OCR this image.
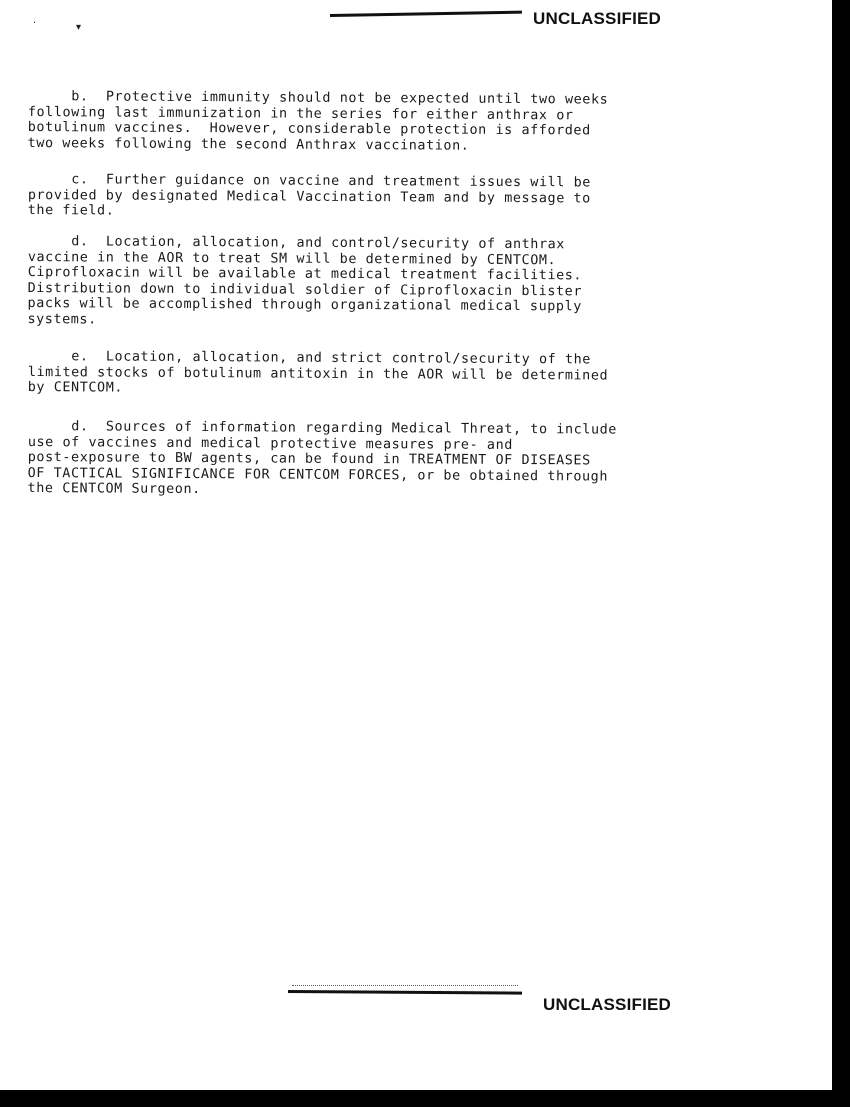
·	▾	UNCLASSIFIED
b.  Protective immunity should not be expected until two weeks
following last immunization in the series for either anthrax or
botulinum vaccines.  However, considerable protection is afforded
two weeks following the second Anthrax vaccination.
c.  Further guidance on vaccine and treatment issues will be
provided by designated Medical Vaccination Team and by message to
the field.
d.  Location, allocation, and control/security of anthrax
vaccine in the AOR to treat SM will be determined by CENTCOM.
Ciprofloxacin will be available at medical treatment facilities.
Distribution down to individual soldier of Ciprofloxacin blister
packs will be accomplished through organizational medical supply
systems.
e.  Location, allocation, and strict control/security of the
limited stocks of botulinum antitoxin in the AOR will be determined
by CENTCOM.
d.  Sources of information regarding Medical Threat, to include
use of vaccines and medical protective measures pre- and
post-exposure to BW agents, can be found in TREATMENT OF DISEASES
OF TACTICAL SIGNIFICANCE FOR CENTCOM FORCES, or be obtained through
the CENTCOM Surgeon.
UNCLASSIFIED
